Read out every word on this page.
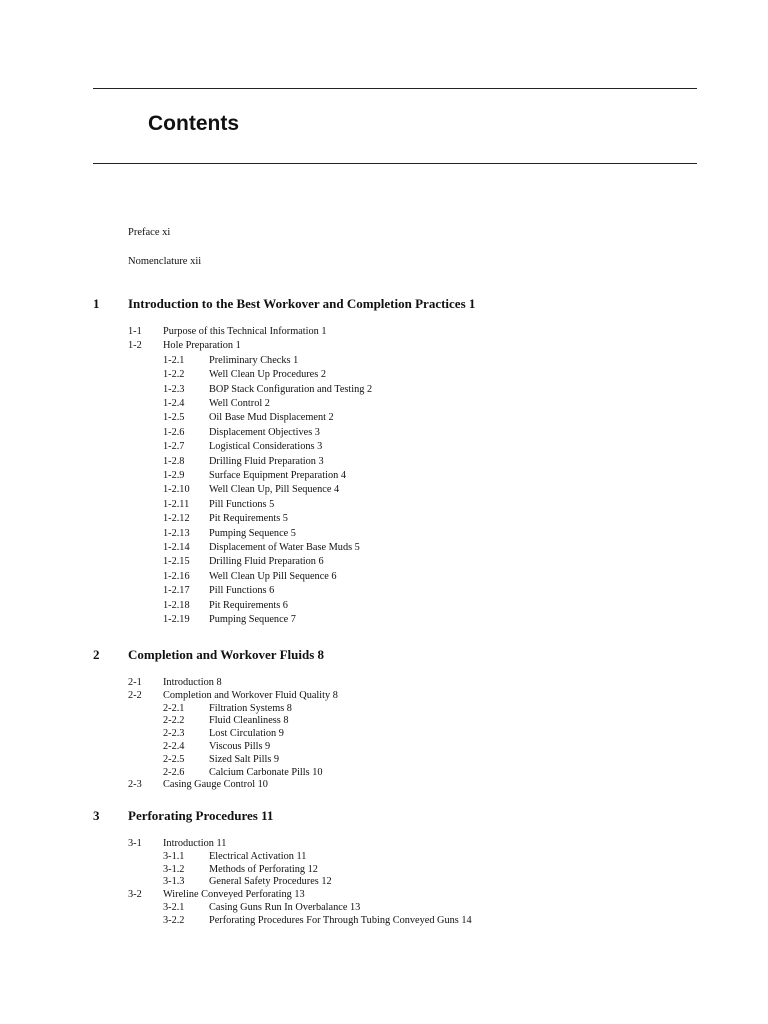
Contents
Preface xi
Nomenclature xii
1 Introduction to the Best Workover and Completion Practices 1
1-1 Purpose of this Technical Information 1
1-2 Hole Preparation 1
1-2.1 Preliminary Checks 1
1-2.2 Well Clean Up Procedures 2
1-2.3 BOP Stack Configuration and Testing 2
1-2.4 Well Control 2
1-2.5 Oil Base Mud Displacement 2
1-2.6 Displacement Objectives 3
1-2.7 Logistical Considerations 3
1-2.8 Drilling Fluid Preparation 3
1-2.9 Surface Equipment Preparation 4
1-2.10 Well Clean Up, Pill Sequence 4
1-2.11 Pill Functions 5
1-2.12 Pit Requirements 5
1-2.13 Pumping Sequence 5
1-2.14 Displacement of Water Base Muds 5
1-2.15 Drilling Fluid Preparation 6
1-2.16 Well Clean Up Pill Sequence 6
1-2.17 Pill Functions 6
1-2.18 Pit Requirements 6
1-2.19 Pumping Sequence 7
2 Completion and Workover Fluids 8
2-1 Introduction 8
2-2 Completion and Workover Fluid Quality 8
2-2.1 Filtration Systems 8
2-2.2 Fluid Cleanliness 8
2-2.3 Lost Circulation 9
2-2.4 Viscous Pills 9
2-2.5 Sized Salt Pills 9
2-2.6 Calcium Carbonate Pills 10
2-3 Casing Gauge Control 10
3 Perforating Procedures 11
3-1 Introduction 11
3-1.1 Electrical Activation 11
3-1.2 Methods of Perforating 12
3-1.3 General Safety Procedures 12
3-2 Wireline Conveyed Perforating 13
3-2.1 Casing Guns Run In Overbalance 13
3-2.2 Perforating Procedures For Through Tubing Conveyed Guns 14
